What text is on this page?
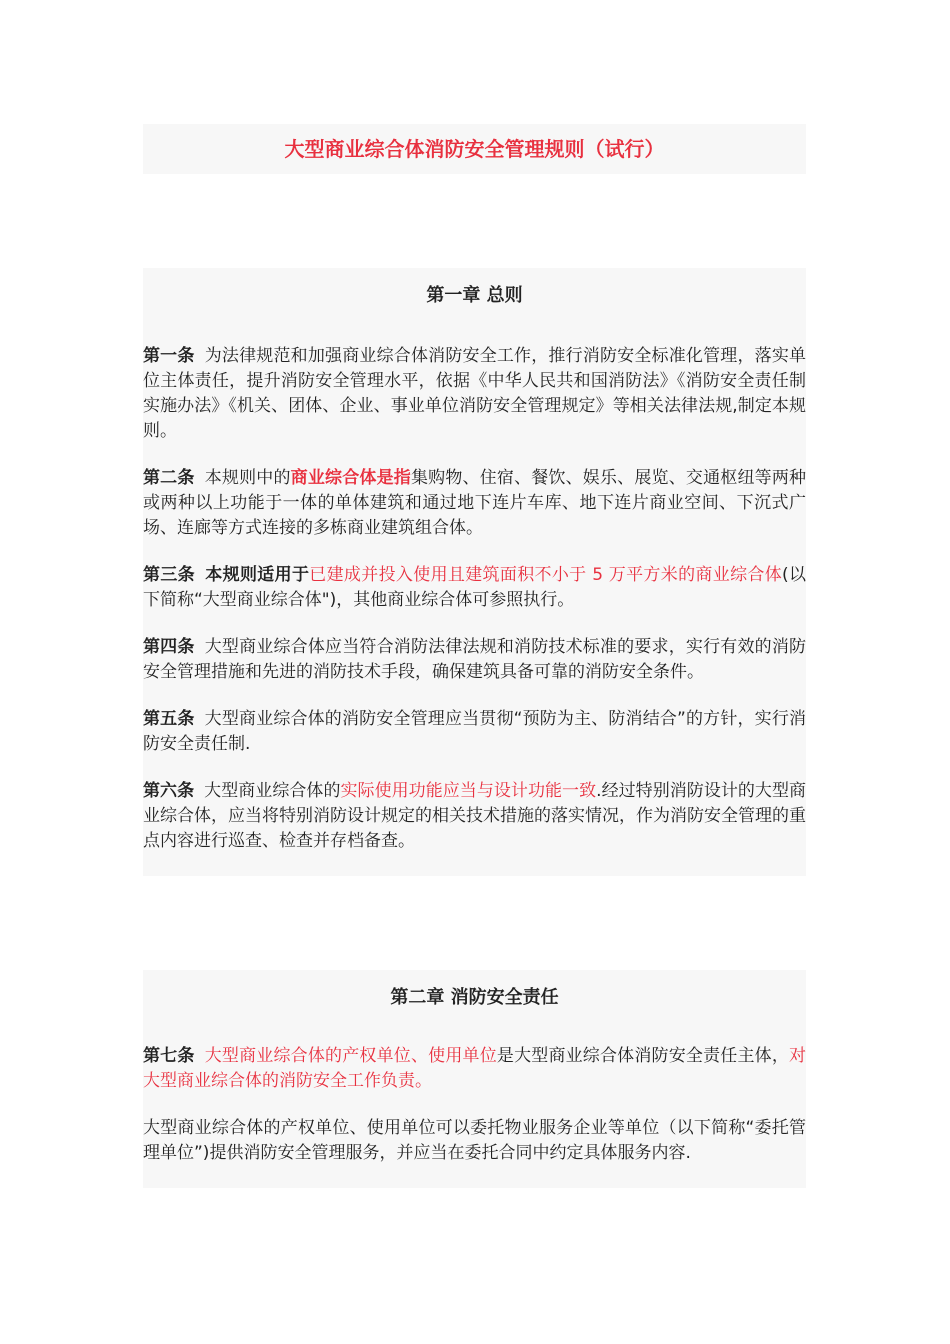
大型商业综合体消防安全管理规则（试行）
第一章 总则

第一条 为法律规范和加强商业综合体消防安全工作，推行消防安全标准化管理，落实单位主体责任，提升消防安全管理水平，依据《中华人民共和国消防法》《消防安全责任制实施办法》《机关、团体、企业、事业单位消防安全管理规定》等相关法律法规,制定本规则。

第二条 本规则中的商业综合体是指集购物、住宿、餐饮、娱乐、展览、交通枢纽等两种或两种以上功能于一体的单体建筑和通过地下连片车库、地下连片商业空间、下沉式广场、连廊等方式连接的多栋商业建筑组合体。

第三条 本规则适用于已建成并投入使用且建筑面积不小于 5 万平方米的商业综合体(以下简称“大型商业综合体")，其他商业综合体可参照执行。

第四条 大型商业综合体应当符合消防法律法规和消防技术标准的要求，实行有效的消防安全管理措施和先进的消防技术手段，确保建筑具备可靠的消防安全条件。

第五条 大型商业综合体的消防安全管理应当贯彻“预防为主、防消结合”的方针，实行消防安全责任制.

第六条 大型商业综合体的实际使用功能应当与设计功能一致.经过特别消防设计的大型商业综合体，应当将特别消防设计规定的相关技术措施的落实情况，作为消防安全管理的重点内容进行巡查、检查并存档备查。

第二章 消防安全责任

第七条 大型商业综合体的产权单位、使用单位是大型商业综合体消防安全责任主体，对大型商业综合体的消防安全工作负责。

大型商业综合体的产权单位、使用单位可以委托物业服务企业等单位（以下简称“委托管理单位”)提供消防安全管理服务，并应当在委托合同中约定具体服务内容.
